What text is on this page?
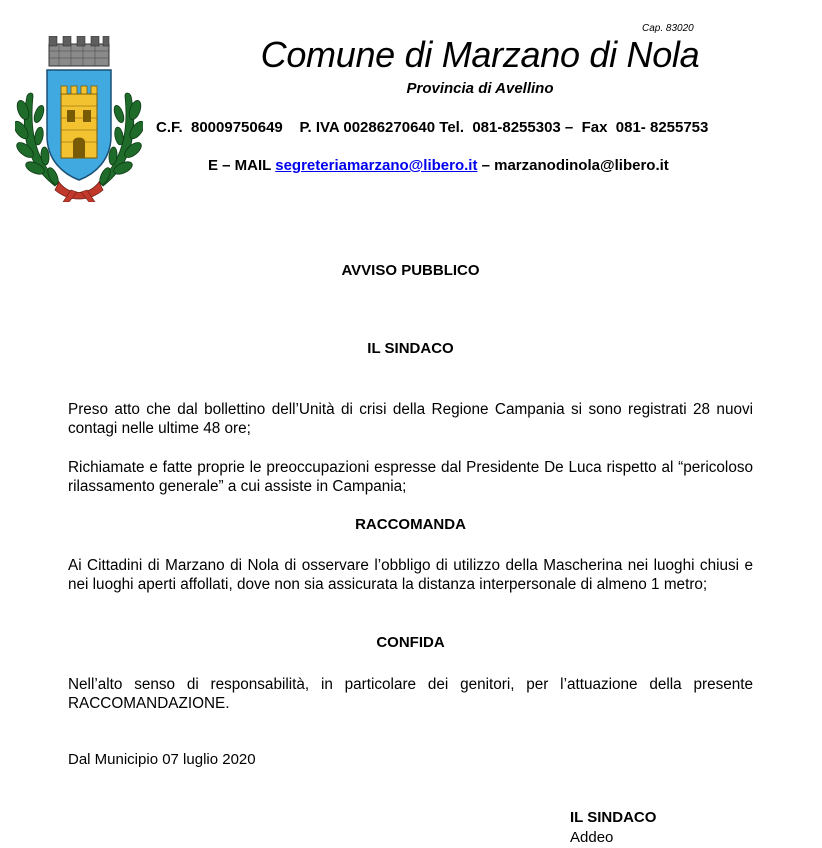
Cap. 83020
Comune di Marzano di Nola
Provincia di Avellino
C.F.  80009750649    P. IVA 00286270640 Tel.  081-8255303 –  Fax  081- 8255753
E – MAIL segreteriamarzano@libero.it – marzanodinola@libero.it
AVVISO PUBBLICO
IL SINDACO
Preso atto che dal bollettino dell’Unità di crisi della Regione Campania si sono registrati 28 nuovi contagi nelle ultime 48 ore;
Richiamate e fatte proprie le preoccupazioni espresse dal Presidente De Luca rispetto al “pericoloso rilassamento generale” a cui assiste in Campania;
RACCOMANDA
Ai Cittadini di Marzano di Nola di osservare l’obbligo di utilizzo della Mascherina nei luoghi chiusi e nei luoghi aperti affollati, dove non sia assicurata la distanza interpersonale di almeno 1 metro;
CONFIDA
Nell’alto senso di responsabilità, in particolare dei genitori, per l’attuazione della presente RACCOMANDAZIONE.
Dal Municipio 07 luglio 2020
IL SINDACO
Addeo
